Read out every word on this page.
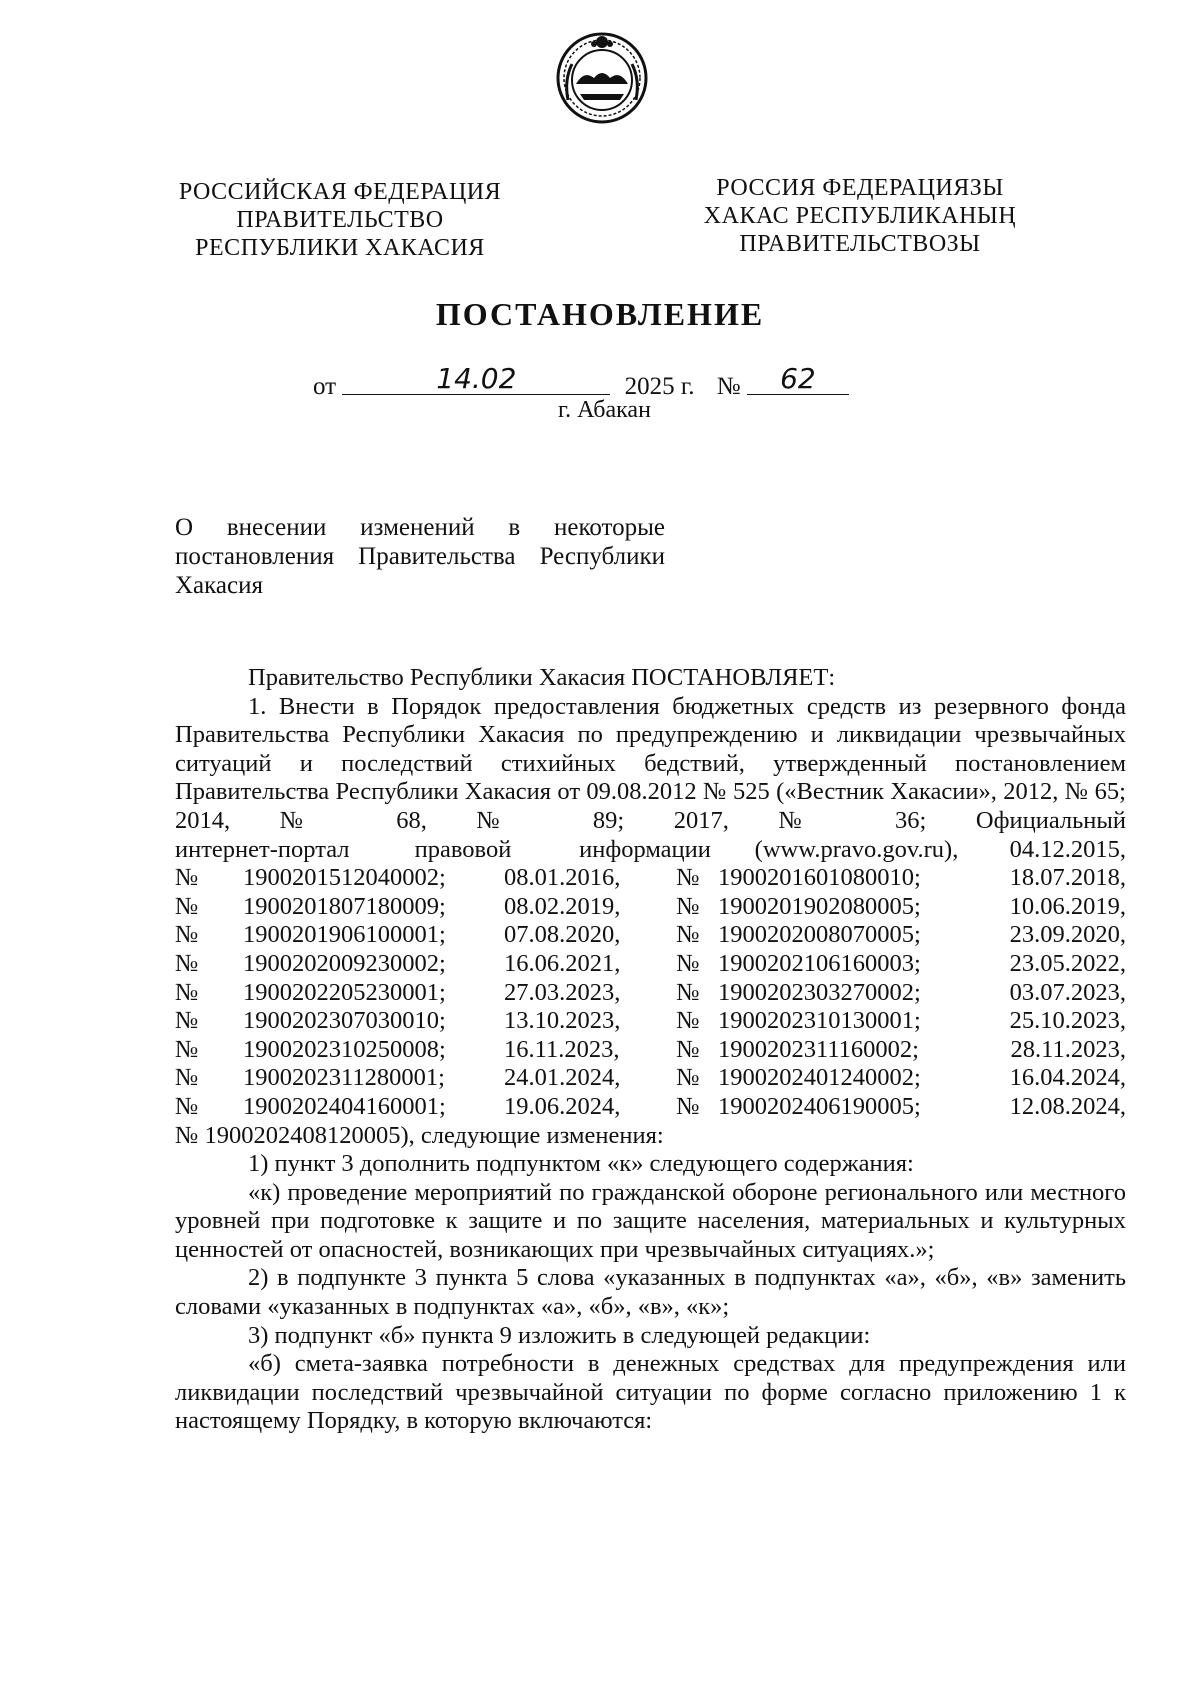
РОССИЙСКАЯ ФЕДЕРАЦИЯ
ПРАВИТЕЛЬСТВО
РЕСПУБЛИКИ ХАКАСИЯ
РОССИЯ ФЕДЕРАЦИЯЗЫ
ХАКАС РЕСПУБЛИКАНЫҢ
ПРАВИТЕЛЬСТВОЗЫ
ПОСТАНОВЛЕНИЕ
от	14.02	2025 г. № 62
г. Абакан
О внесении изменений в некоторые постановления Правительства Республики Хакасия

Правительство Республики Хакасия ПОСТАНОВЛЯЕТ:

1. Внести в Порядок предоставления бюджетных средств из резервного фонда Правительства Республики Хакасия по предупреждению и ликвидации чрезвычайных ситуаций и последствий стихийных бедствий, утвержденный постановлением Правительства Республики Хакасия от 09.08.2012 № 525 («Вестник Хакасии», 2012, № 65; 2014, № 68, № 89; 2017, № 36; Официальный

интернет-портал	правовой	информации	(www.pravo.gov.ru),	04.12.2015,
№	1900201512040002;	08.01.2016,	№ 1900201601080010;	18.07.2018,
№	1900201807180009;	08.02.2019,	№ 1900201902080005;	10.06.2019,
№	1900201906100001;	07.08.2020,	№ 1900202008070005;	23.09.2020,
№	1900202009230002;	16.06.2021,	№ 1900202106160003;	23.05.2022,
№	1900202205230001;	27.03.2023,	№ 1900202303270002;	03.07.2023,
№	1900202307030010;	13.10.2023,	№ 1900202310130001;	25.10.2023,
№	1900202310250008;	16.11.2023,	№ 1900202311160002;	28.11.2023,
№	1900202311280001;	24.01.2024,	№ 1900202401240002;	16.04.2024,
№	1900202404160001;	19.06.2024,	№ 1900202406190005;	12.08.2024,

№ 1900202408120005), следующие изменения:

1) пункт 3 дополнить подпунктом «к» следующего содержания:

«к) проведение мероприятий по гражданской обороне регионального или местного уровней при подготовке к защите и по защите населения, материальных и культурных ценностей от опасностей, возникающих при чрезвычайных ситуациях.»;

2) в подпункте 3 пункта 5 слова «указанных в подпунктах «а», «б», «в» заменить словами «указанных в подпунктах «а», «б», «в», «к»;

3) подпункт «б» пункта 9 изложить в следующей редакции:

«б) смета-заявка потребности в денежных средствах для предупреждения или ликвидации последствий чрезвычайной ситуации по форме согласно приложению 1 к настоящему Порядку, в которую включаются:
